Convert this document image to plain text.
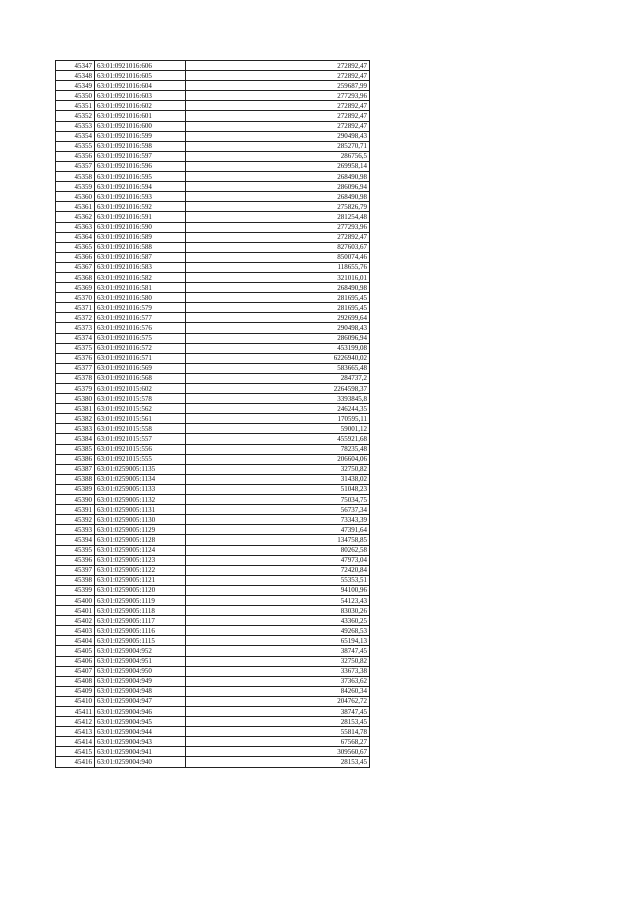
45347	63:01:0921016:606	272892,47
45348	63:01:0921016:605	272892,47
45349	63:01:0921016:604	259687,99
45350	63:01:0921016:603	277293,96
45351	63:01:0921016:602	272892,47
45352	63:01:0921016:601	272892,47
45353	63:01:0921016:600	272892,47
45354	63:01:0921016:599	290498,43
45355	63:01:0921016:598	285270,71
45356	63:01:0921016:597	286756,5
45357	63:01:0921016:596	269958,14
45358	63:01:0921016:595	268490,98
45359	63:01:0921016:594	286096,94
45360	63:01:0921016:593	268490,98
45361	63:01:0921016:592	275826,79
45362	63:01:0921016:591	281254,48
45363	63:01:0921016:590	277293,96
45364	63:01:0921016:589	272892,47
45365	63:01:0921016:588	827603,67
45366	63:01:0921016:587	850074,46
45367	63:01:0921016:583	118655,76
45368	63:01:0921016:582	321016,01
45369	63:01:0921016:581	268490,98
45370	63:01:0921016:580	281695,45
45371	63:01:0921016:579	281695,45
45372	63:01:0921016:577	292699,64
45373	63:01:0921016:576	290498,43
45374	63:01:0921016:575	286096,94
45375	63:01:0921016:572	453199,08
45376	63:01:0921016:571	6226940,02
45377	63:01:0921016:569	583665,48
45378	63:01:0921016:568	284737,2
45379	63:01:0921015:602	2264598,37
45380	63:01:0921015:578	3393845,8
45381	63:01:0921015:562	246244,35
45382	63:01:0921015:561	170595,11
45383	63:01:0921015:558	59001,12
45384	63:01:0921015:557	455921,68
45385	63:01:0921015:556	78235,48
45386	63:01:0921015:555	206604,06
45387	63:01:0259005:1135	32750,82
45388	63:01:0259005:1134	31438,02
45389	63:01:0259005:1133	51048,23
45390	63:01:0259005:1132	75034,75
45391	63:01:0259005:1131	56737,34
45392	63:01:0259005:1130	73343,39
45393	63:01:0259005:1129	47391,64
45394	63:01:0259005:1128	134758,85
45395	63:01:0259005:1124	80262,58
45396	63:01:0259005:1123	47973,04
45397	63:01:0259005:1122	72420,84
45398	63:01:0259005:1121	55353,51
45399	63:01:0259005:1120	94100,96
45400	63:01:0259005:1119	54123,43
45401	63:01:0259005:1118	83030,26
45402	63:01:0259005:1117	43360,25
45403	63:01:0259005:1116	49268,53
45404	63:01:0259005:1115	65194,13
45405	63:01:0259004:952	38747,45
45406	63:01:0259004:951	32750,82
45407	63:01:0259004:950	33673,38
45408	63:01:0259004:949	37363,62
45409	63:01:0259004:948	84260,34
45410	63:01:0259004:947	204762,72
45411	63:01:0259004:946	38747,45
45412	63:01:0259004:945	28153,45
45413	63:01:0259004:944	55814,78
45414	63:01:0259004:943	67568,27
45415	63:01:0259004:941	309560,67
45416	63:01:0259004:940	28153,45
